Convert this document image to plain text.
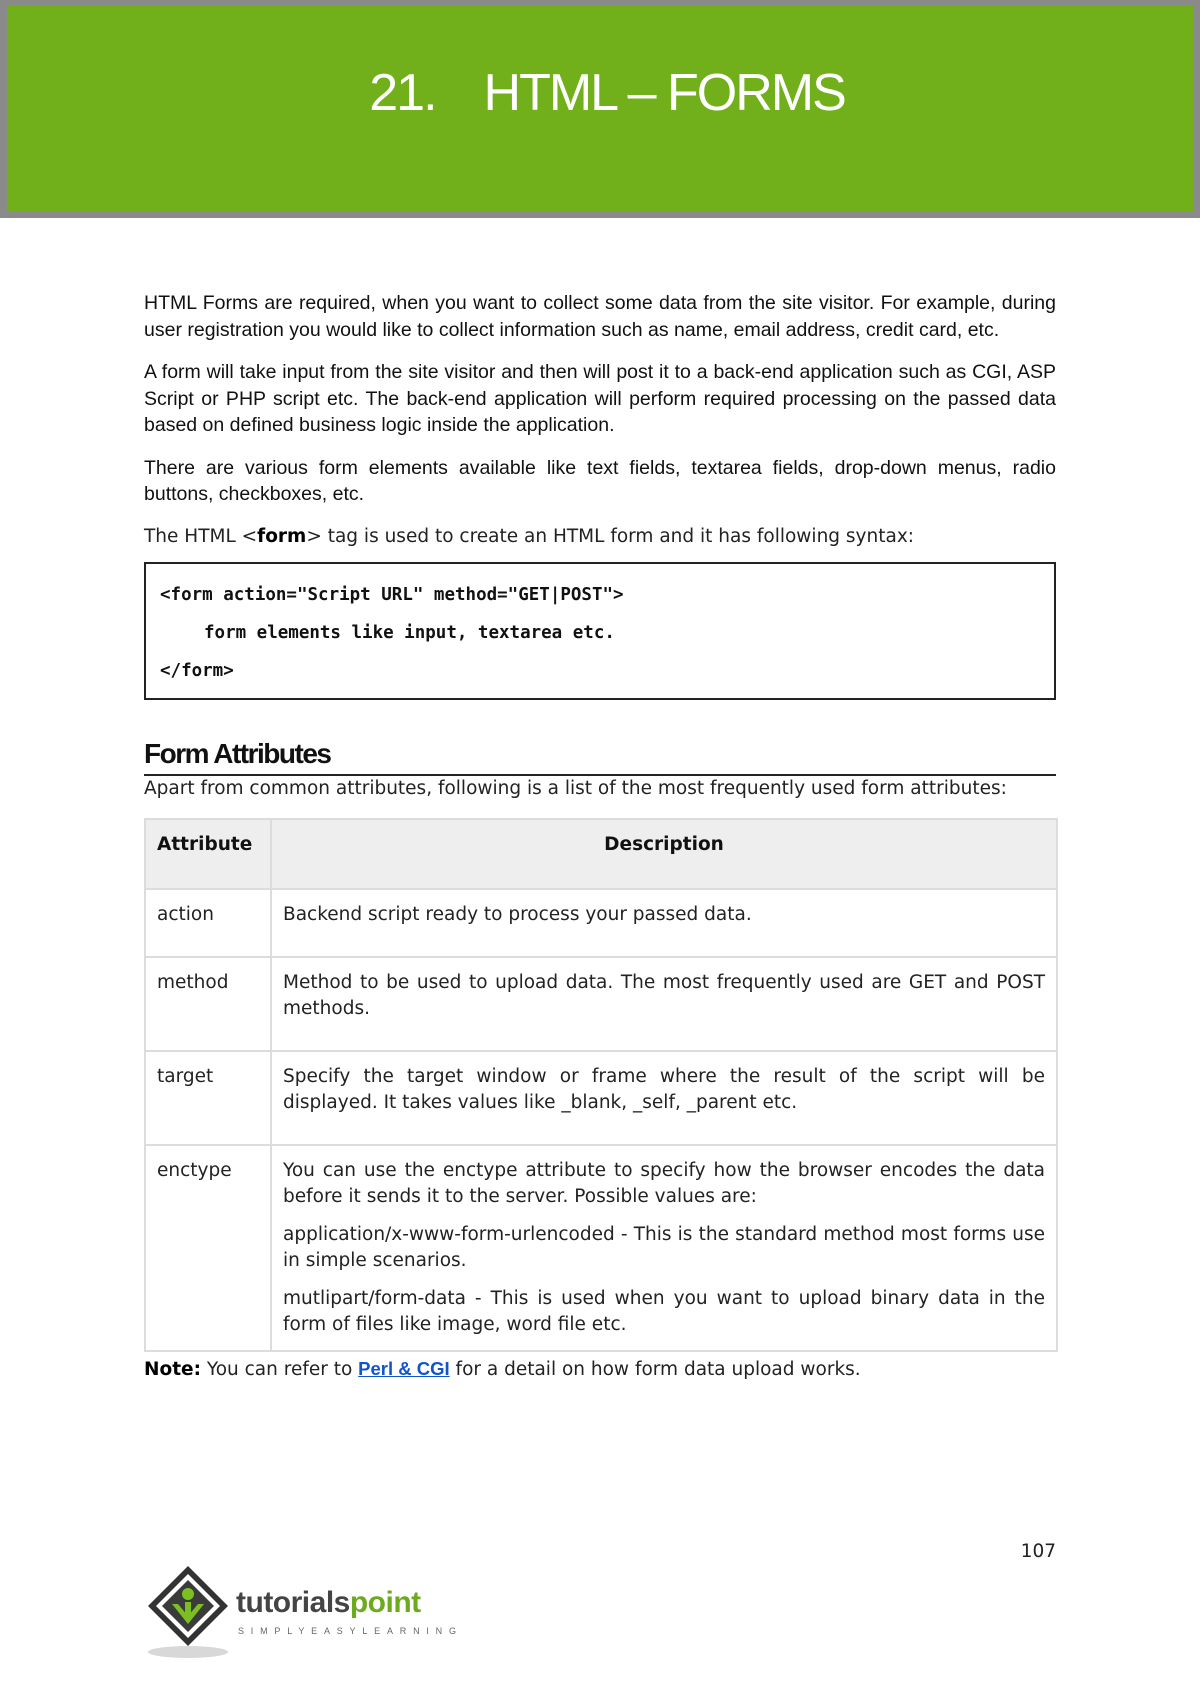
21. HTML – FORMS

HTML Forms are required, when you want to collect some data from the site visitor. For example, during user registration you would like to collect information such as name, email address, credit card, etc.

A form will take input from the site visitor and then will post it to a back-end application such as CGI, ASP Script or PHP script etc. The back-end application will perform required processing on the passed data based on defined business logic inside the application.

There are various form elements available like text fields, textarea fields, drop-down menus, radio buttons, checkboxes, etc.

The HTML <form> tag is used to create an HTML form and it has following syntax:

<form action="Script URL" method="GET|POST">
form elements like input, textarea etc.
</form>
Form Attributes

Apart from common attributes, following is a list of the most frequently used form attributes:

Attribute	Description
action	Backend script ready to process your passed data.

method	Method to be used to upload data. The most frequently used are GET and POST methods.

target	Specify the target window or frame where the result of the script will be displayed. It takes values like _blank, _self, _parent etc.

enctype	You can use the enctype attribute to specify how the browser encodes the data before it sends it to the server. Possible values are:

application/x-www-form-urlencoded - This is the standard method most forms use in simple scenarios.

mutlipart/form-data - This is used when you want to upload binary data in the form of files like image, word file etc.

Note: You can refer to Perl & CGI for a detail on how form data upload works.
107
tutorialspoint
SIMPLYEASYLEARNING
